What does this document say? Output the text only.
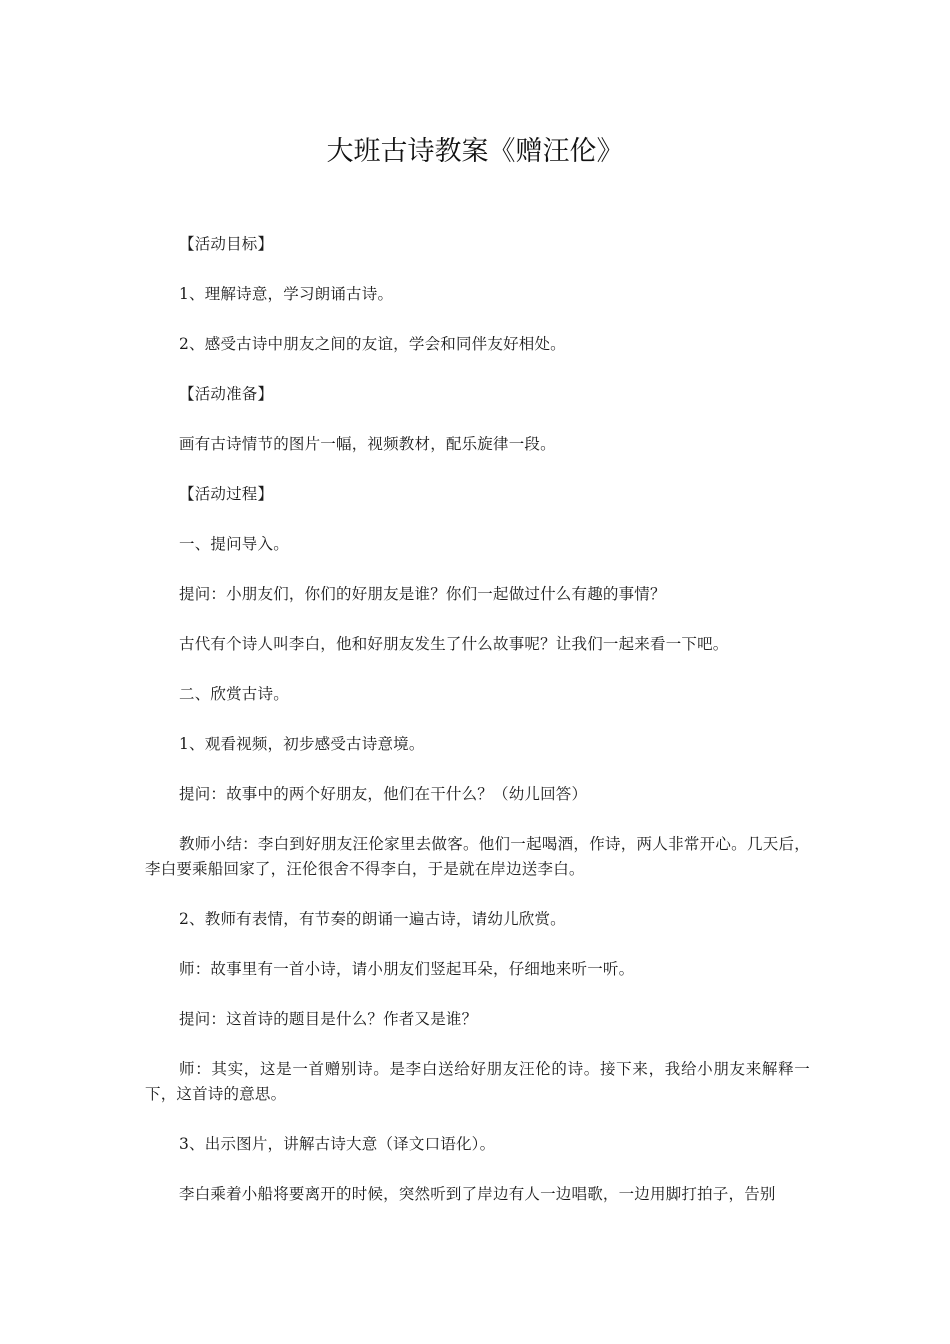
大班古诗教案《赠汪伦》

【活动目标】

1、理解诗意，学习朗诵古诗。

2、感受古诗中朋友之间的友谊，学会和同伴友好相处。

【活动准备】

画有古诗情节的图片一幅，视频教材，配乐旋律一段。

【活动过程】

一、提问导入。

提问：小朋友们，你们的好朋友是谁？你们一起做过什么有趣的事情？

古代有个诗人叫李白，他和好朋友发生了什么故事呢？让我们一起来看一下吧。

二、欣赏古诗。

1、观看视频，初步感受古诗意境。

提问：故事中的两个好朋友，他们在干什么？（幼儿回答）

教师小结：李白到好朋友汪伦家里去做客。他们一起喝酒，作诗，两人非常开心。几天后，李白要乘船回家了，汪伦很舍不得李白，于是就在岸边送李白。

2、教师有表情，有节奏的朗诵一遍古诗，请幼儿欣赏。

师：故事里有一首小诗，请小朋友们竖起耳朵，仔细地来听一听。

提问：这首诗的题目是什么？作者又是谁？

师：其实，这是一首赠别诗。是李白送给好朋友汪伦的诗。接下来，我给小朋友来解释一下，这首诗的意思。

3、出示图片，讲解古诗大意（译文口语化）。

李白乘着小船将要离开的时候，突然听到了岸边有人一边唱歌，一边用脚打拍子，告别
